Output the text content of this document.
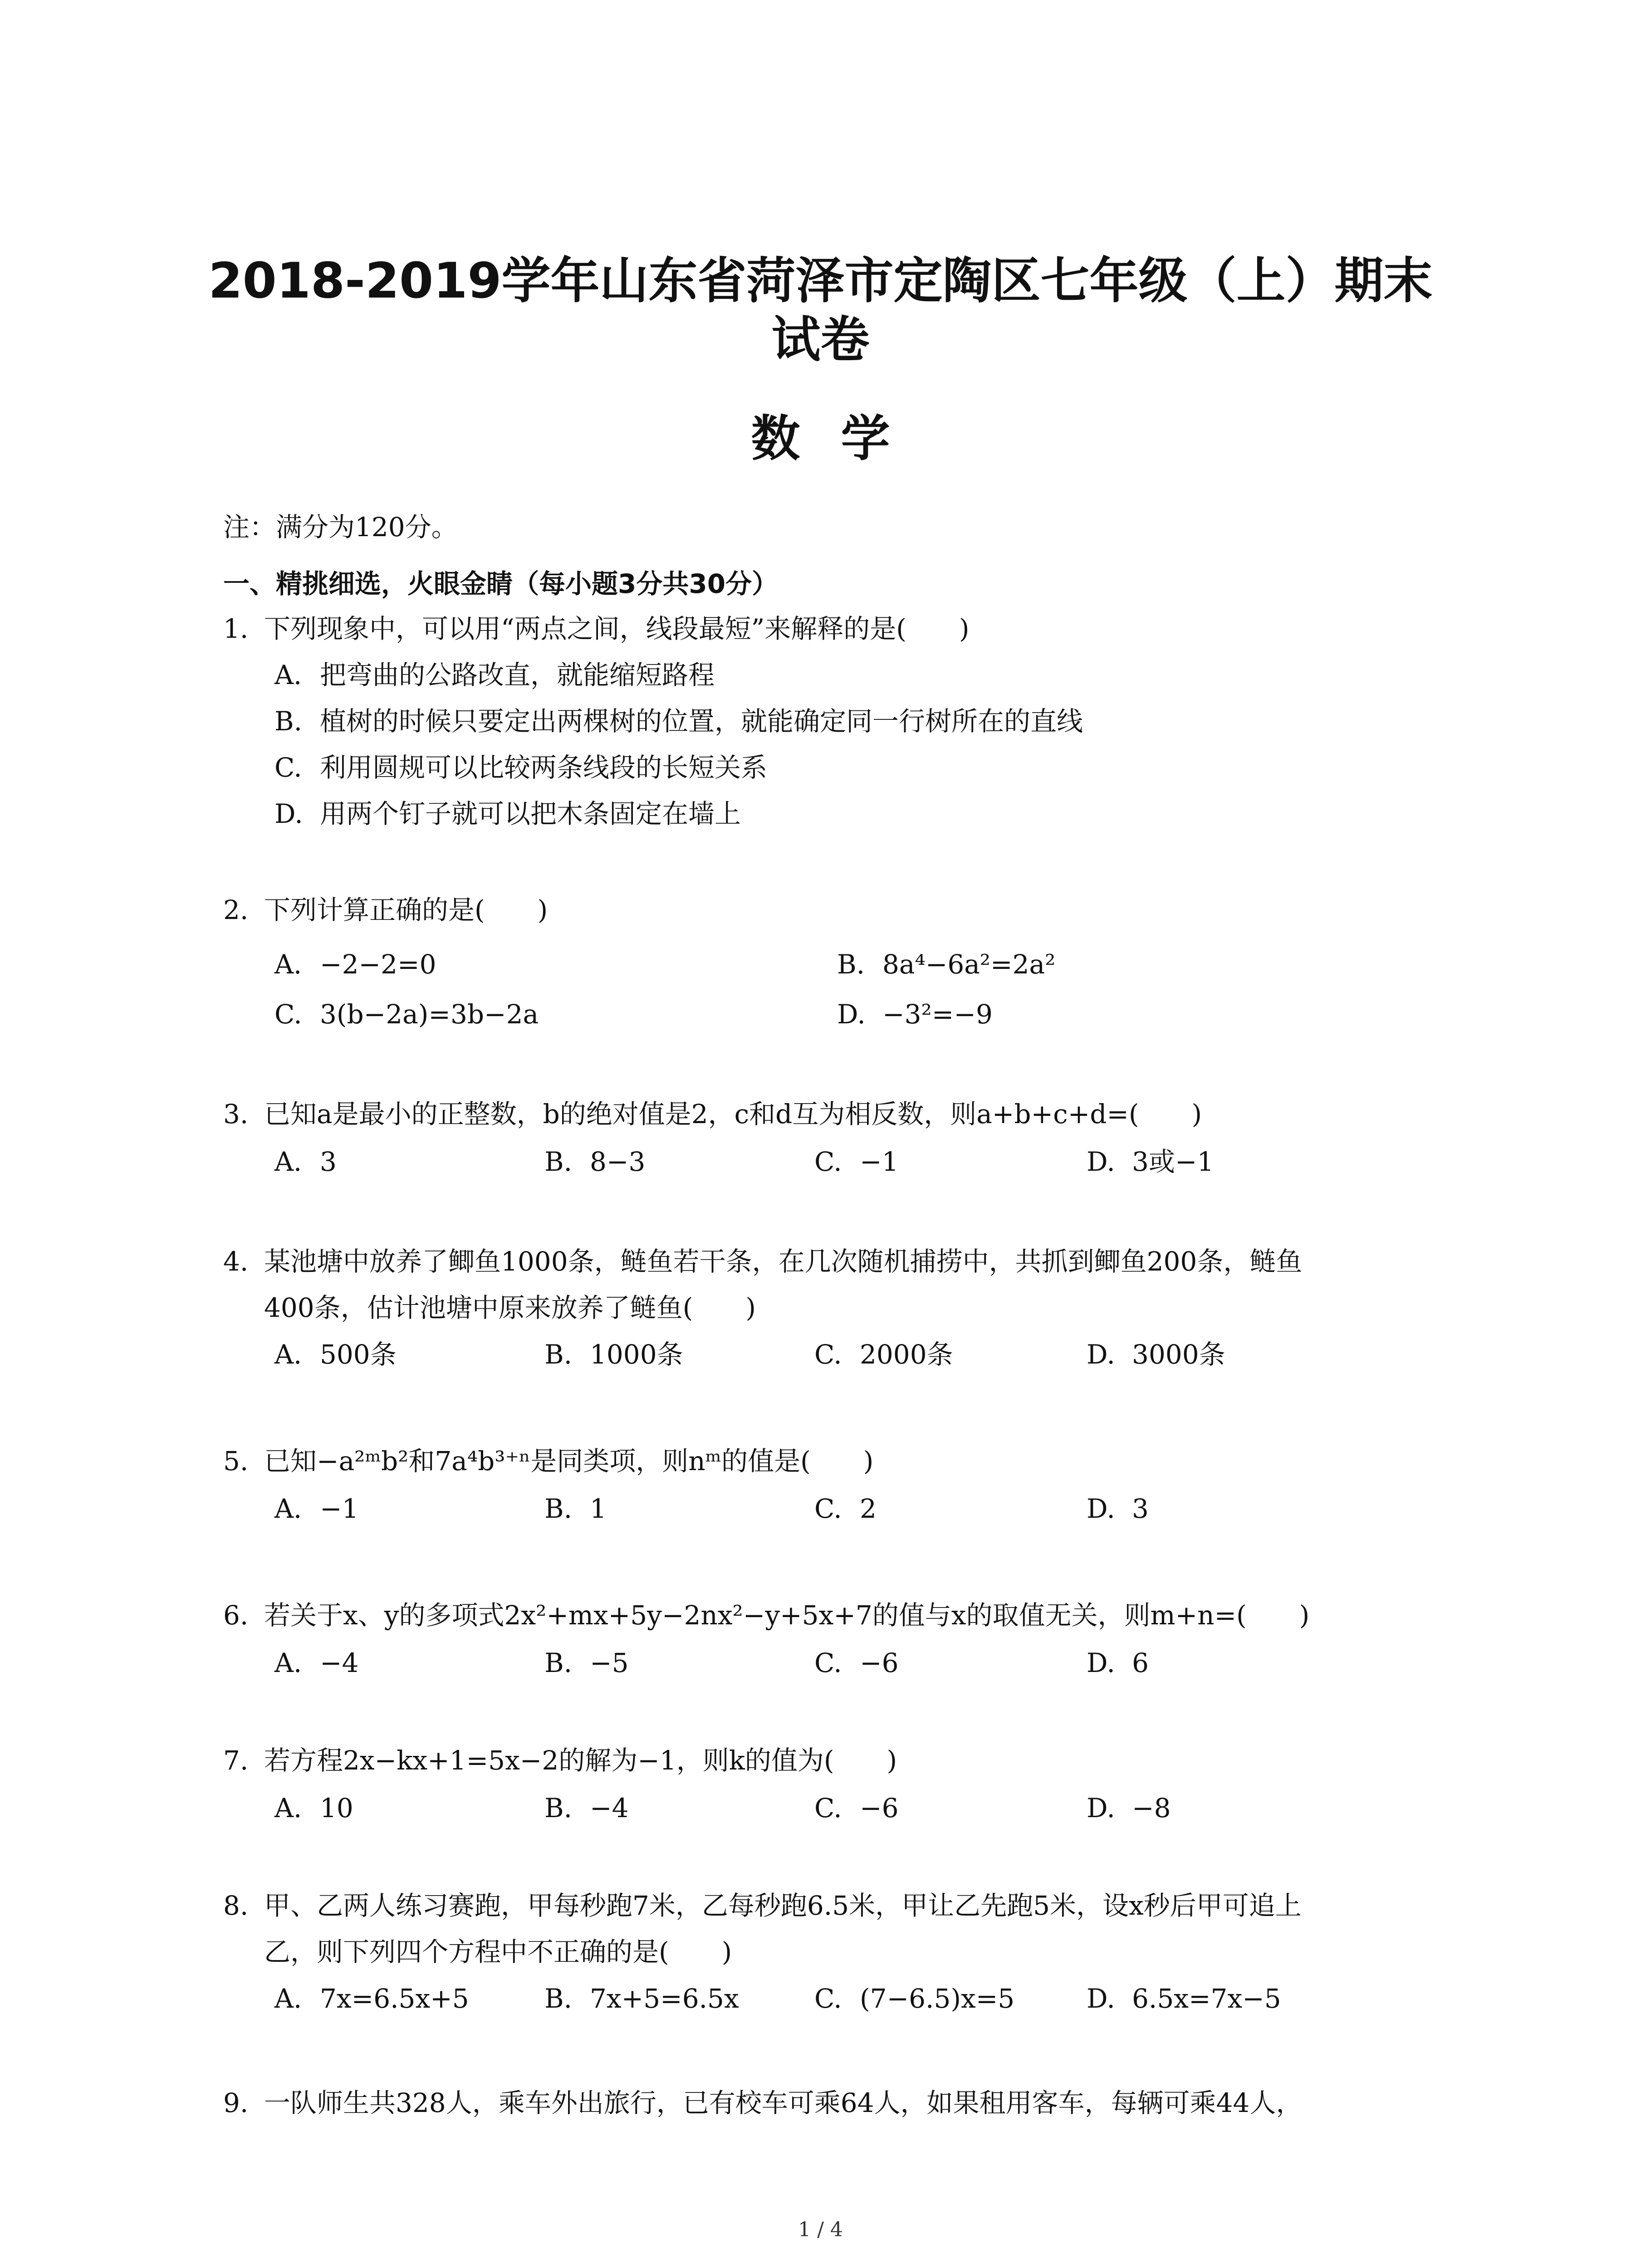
2018-2019学年山东省菏泽市定陶区七年级（上）期末
试卷
数学
注：满分为120分。
一、精挑细选，火眼金睛（每小题3分共30分）
1. 下列现象中，可以用“两点之间，线段最短”来解释的是(　　)
A. 把弯曲的公路改直，就能缩短路程
B. 植树的时候只要定出两棵树的位置，就能确定同一行树所在的直线
C. 利用圆规可以比较两条线段的长短关系
D. 用两个钉子就可以把木条固定在墙上
2. 下列计算正确的是(　　)
A. −2−2=0	B. 8a⁴−6a²=2a²
C. 3(b−2a)=3b−2a	D. −3²=−9
3. 已知a是最小的正整数，b的绝对值是2，c和d互为相反数，则a+b+c+d=(　　)
A. 3	B. 8−3	C. −1	D. 3或−1
4. 某池塘中放养了鲫鱼1000条，鲢鱼若干条，在几次随机捕捞中，共抓到鲫鱼200条，鲢鱼
400条，估计池塘中原来放养了鲢鱼(　　)
A. 500条	B. 1000条	C. 2000条	D. 3000条
5. 已知−a²ᵐb²和7a⁴b³⁺ⁿ是同类项，则nᵐ的值是(　　)
A. −1	B. 1	C. 2	D. 3
6. 若关于x、y的多项式2x²+mx+5y−2nx²−y+5x+7的值与x的取值无关，则m+n=(　　)
A. −4	B. −5	C. −6	D. 6
7. 若方程2x−kx+1=5x−2的解为−1，则k的值为(　　)
A. 10	B. −4	C. −6	D. −8
8. 甲、乙两人练习赛跑，甲每秒跑7米，乙每秒跑6.5米，甲让乙先跑5米，设x秒后甲可追上
乙，则下列四个方程中不正确的是(　　)
A. 7x=6.5x+5	B. 7x+5=6.5x	C. (7−6.5)x=5	D. 6.5x=7x−5
9. 一队师生共328人，乘车外出旅行，已有校车可乘64人，如果租用客车，每辆可乘44人，
1 / 4
